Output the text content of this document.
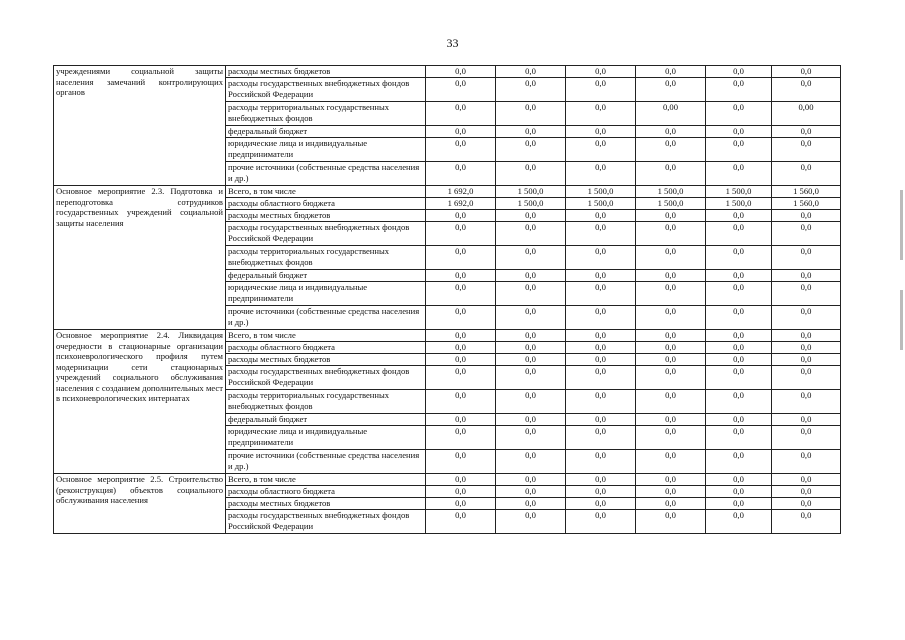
33
учреждениями социальной защиты населения замечаний контролирующих органов	расходы местных бюджетов	0,0	0,0	0,0	0,0	0,0	0,0
	расходы государственных внебюджетных фондов Российской Федерации	0,0	0,0	0,0	0,0	0,0	0,0
	расходы территориальных государственных внебюджетных фондов	0,0	0,0	0,0	0,00	0,0	0,00
	федеральный бюджет	0,0	0,0	0,0	0,0	0,0	0,0
	юридические лица и индивидуальные предприниматели	0,0	0,0	0,0	0,0	0,0	0,0
	прочие источники (собственные средства населения и др.)	0,0	0,0	0,0	0,0	0,0	0,0
Основное мероприятие 2.3. Подготовка и переподготовка сотрудников государственных учреждений социальной защиты населения	Всего, в том числе	1 692,0	1 500,0	1 500,0	1 500,0	1 500,0	1 560,0
	расходы областного бюджета	1 692,0	1 500,0	1 500,0	1 500,0	1 500,0	1 560,0
	расходы местных бюджетов	0,0	0,0	0,0	0,0	0,0	0,0
	расходы государственных внебюджетных фондов Российской Федерации	0,0	0,0	0,0	0,0	0,0	0,0
	расходы территориальных государственных внебюджетных фондов	0,0	0,0	0,0	0,0	0,0	0,0
	федеральный бюджет	0,0	0,0	0,0	0,0	0,0	0,0
	юридические лица и индивидуальные предприниматели	0,0	0,0	0,0	0,0	0,0	0,0
	прочие источники (собственные средства населения и др.)	0,0	0,0	0,0	0,0	0,0	0,0
Основное мероприятие 2.4. Ликвидация очередности в стационарные организации психоневрологического профиля путем модернизации сети стационарных учреждений социального обслуживания населения с созданием дополнительных мест в психоневрологических интернатах	Всего, в том числе	0,0	0,0	0,0	0,0	0,0	0,0
	расходы областного бюджета	0,0	0,0	0,0	0,0	0,0	0,0
	расходы местных бюджетов	0,0	0,0	0,0	0,0	0,0	0,0
	расходы государственных внебюджетных фондов Российской Федерации	0,0	0,0	0,0	0,0	0,0	0,0
	расходы территориальных государственных внебюджетных фондов	0,0	0,0	0,0	0,0	0,0	0,0
	федеральный бюджет	0,0	0,0	0,0	0,0	0,0	0,0
	юридические лица и индивидуальные предприниматели	0,0	0,0	0,0	0,0	0,0	0,0
	прочие источники (собственные средства населения и др.)	0,0	0,0	0,0	0,0	0,0	0,0
Основное мероприятие 2.5. Строительство (реконструкция) объектов социального обслуживания населения	Всего, в том числе	0,0	0,0	0,0	0,0	0,0	0,0
	расходы областного бюджета	0,0	0,0	0,0	0,0	0,0	0,0
	расходы местных бюджетов	0,0	0,0	0,0	0,0	0,0	0,0
	расходы государственных внебюджетных фондов Российской Федерации	0,0	0,0	0,0	0,0	0,0	0,0
